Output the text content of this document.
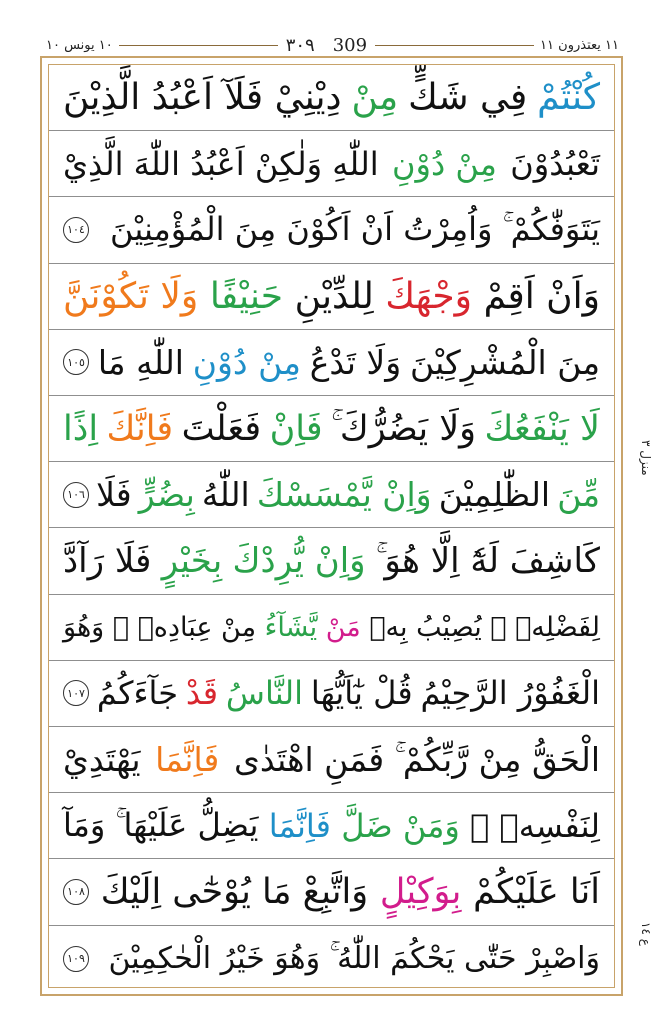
١٠ يونس ١٠	٣٠٩ 309	١١ يعتذرون ١١
كُنْتُمْ
فِي شَكٍّ
مِنْ
دِيْنِيْ فَلَآ اَعْبُدُ الَّذِيْنَ
تَعْبُدُوْنَ
مِنْ دُوْنِ
اللّٰهِ وَلٰكِنْ اَعْبُدُ اللّٰهَ الَّذِيْ
يَتَوَفّٰكُمْ ۚ وَاُمِرْتُ اَنْ اَكُوْنَ مِنَ الْمُؤْمِنِيْنَ
١٠٤
وَاَنْ اَقِمْ
وَجْهَكَ
لِلدِّيْنِ
حَنِيْفًا
وَلَا تَكُوْنَنَّ
مِنَ الْمُشْرِكِيْنَ
وَلَا تَدْعُ
مِنْ دُوْنِ
اللّٰهِ مَا
١٠٥
لَا يَنْفَعُكَ
وَلَا يَضُرُّكَ ۚ
فَاِنْ
فَعَلْتَ
فَاِنَّكَ
اِذًا
مِّنَ
الظّٰلِمِيْنَ
وَاِنْ يَّمْسَسْكَ
اللّٰهُ
بِضُرٍّ
فَلَا
١٠٦
كَاشِفَ لَهٗٓ اِلَّا هُوَ ۚ
وَاِنْ يُّرِدْكَ
بِخَيْرٍ
فَلَا رَآدَّ
لِفَضْلِهٖ ۭ يُصِيْبُ بِهٖ
مَنْ
يَّشَآءُ
مِنْ عِبَادِهٖ ۭ وَهُوَ
الْغَفُوْرُ الرَّحِيْمُ
قُلْ يٰٓاَيُّهَا
النَّاسُ
قَدْ
جَآءَكُمُ
١٠٧
الْحَقُّ مِنْ رَّبِّكُمْ ۚ فَمَنِ اهْتَدٰى
فَاِنَّمَا
يَهْتَدِيْ
لِنَفْسِهٖ ۚ
وَمَنْ ضَلَّ
فَاِنَّمَا
يَضِلُّ عَلَيْهَا ۚ وَمَآ
اَنَا عَلَيْكُمْ
بِوَكِيْلٍ
وَاتَّبِعْ مَا يُوْحٰٓى اِلَيْكَ
١٠٨
وَاصْبِرْ حَتّٰى يَحْكُمَ اللّٰهُ ۚ وَهُوَ خَيْرُ الْحٰكِمِيْنَ
١٠٩
منزل ٣
ع ١٤
